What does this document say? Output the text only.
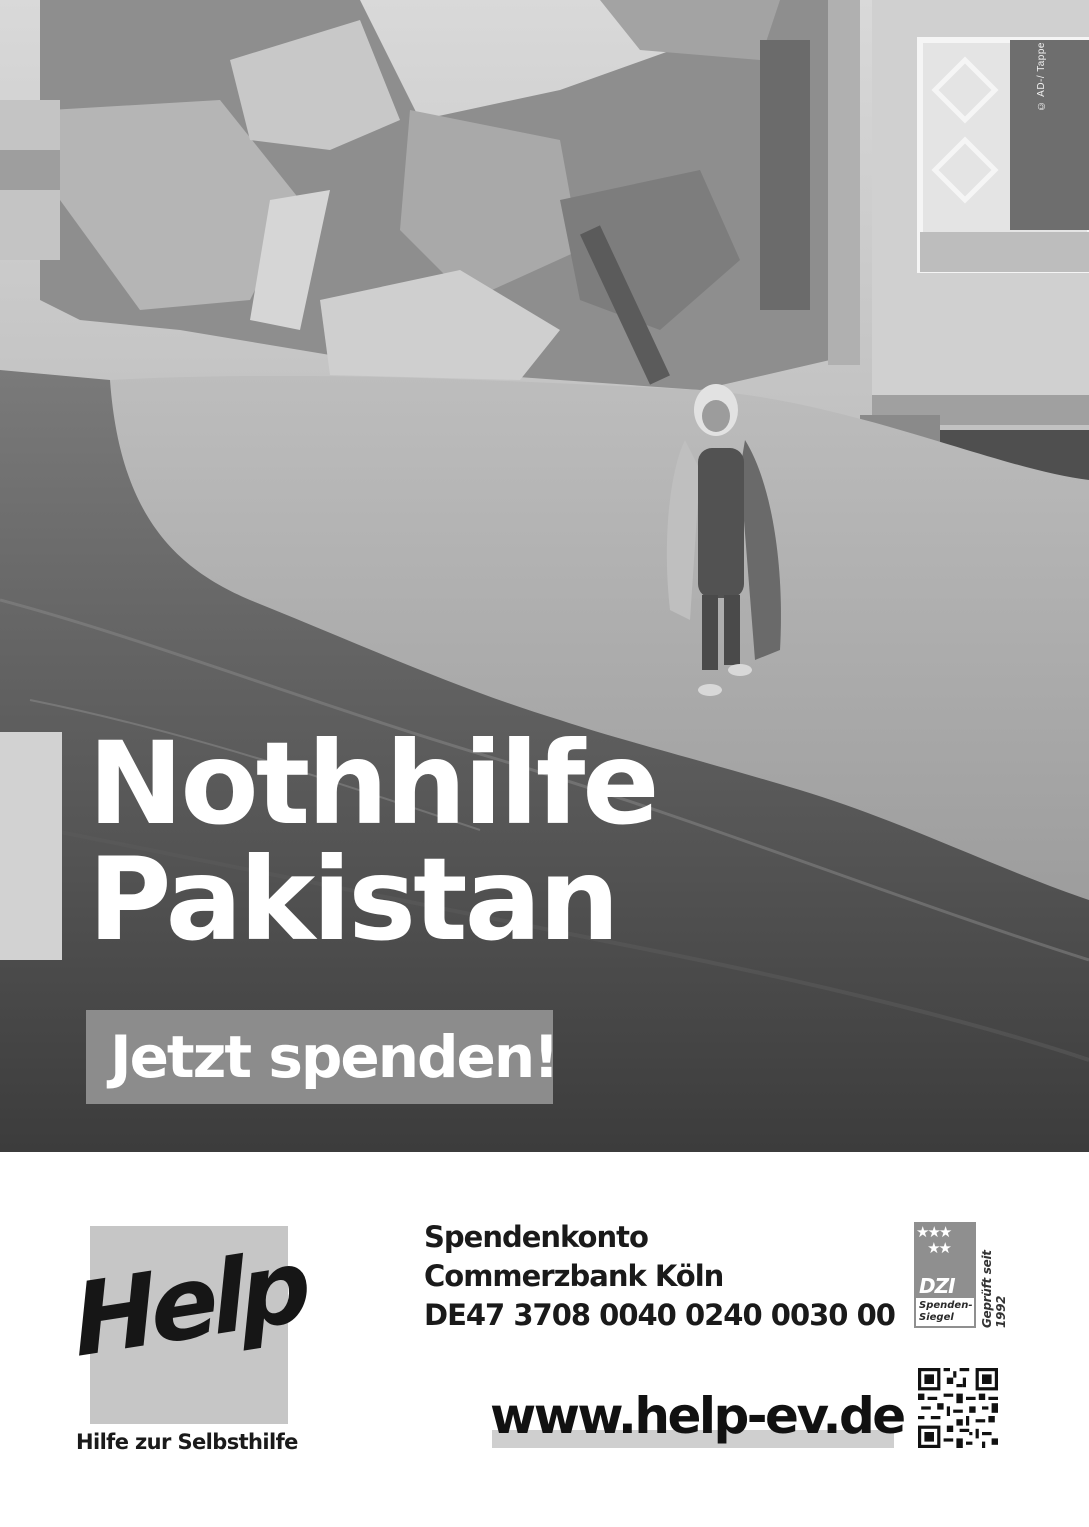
© AD-/ Tappe
Nothhilfe
Pakistan
Jetzt spenden!
Help
Hilfe zur Selbsthilfe
Spendenkonto
Commerzbank Köln
DE47 3708 0040 0240 0030 00
★★★
★★
DZI
Spenden-
Siegel	Geprüft seit 1992
www.help-ev.de
